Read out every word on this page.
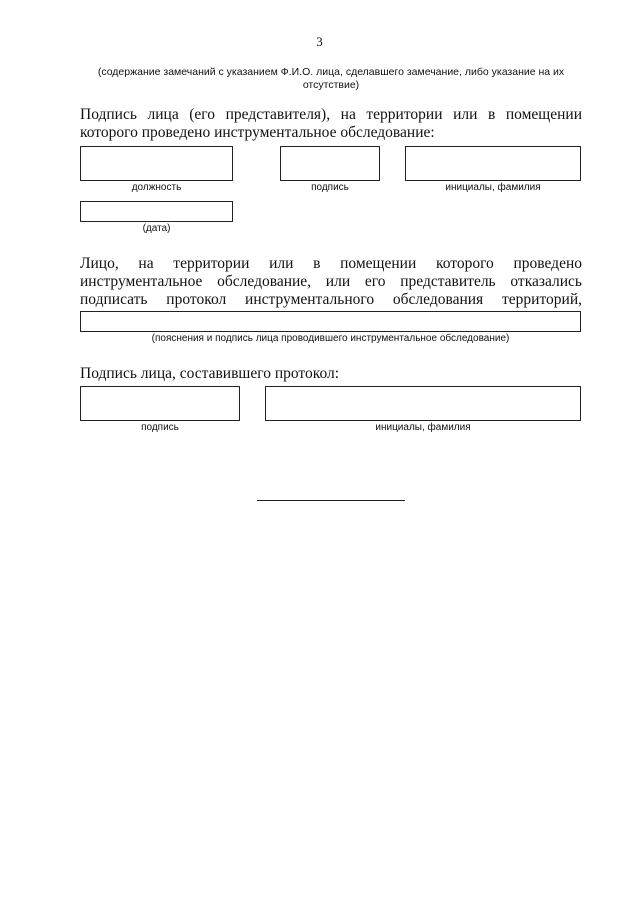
3
(содержание замечаний с указанием Ф.И.О. лица, сделавшего замечание, либо указание на их отсутствие)
Подпись лица (его представителя), на территории или в помещении которого проведено инструментальное обследование:
должность	подпись	инициалы, фамилия
(дата)
Лицо, на территории или в помещении которого проведено инструментальное обследование, или его представитель отказались подписать протокол инструментального обследования территорий,
(пояснения и подпись лица проводившего инструментальное обследование)
Подпись лица, составившего протокол:
подпись	инициалы, фамилия
